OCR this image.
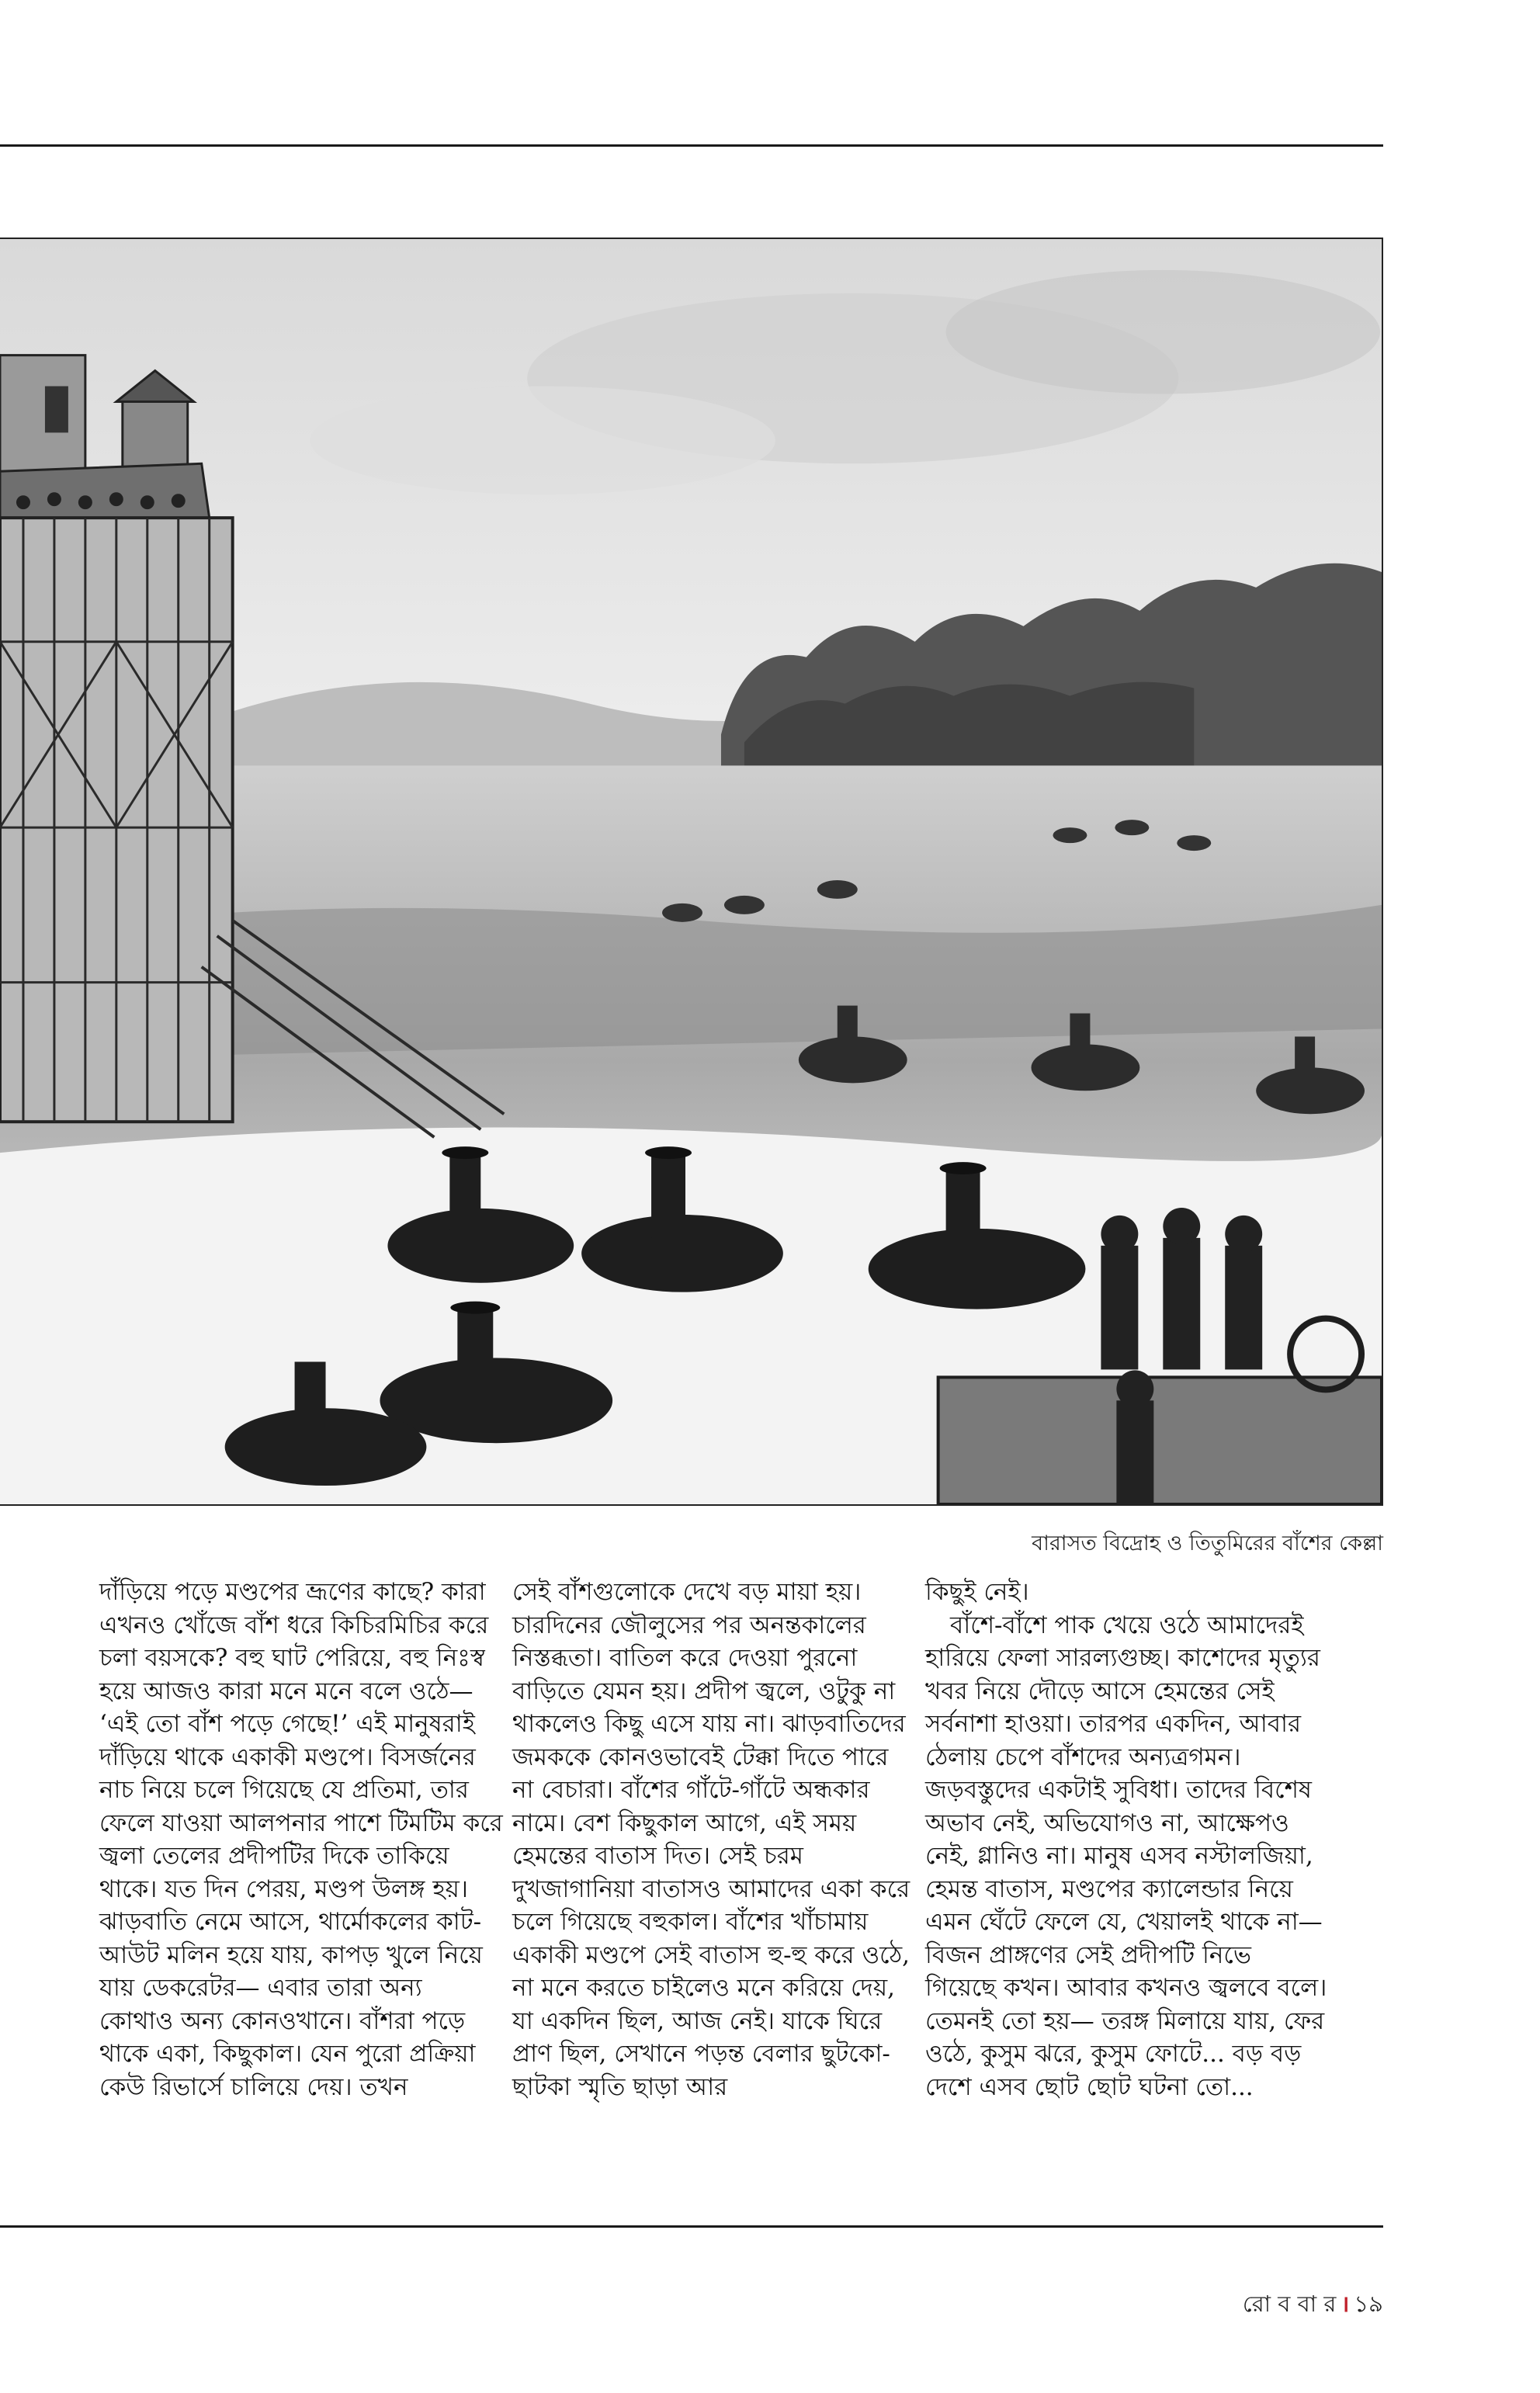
বারাসত বিদ্রোহ ও তিতুমিরের বাঁশের কেল্লা

দাঁড়িয়ে পড়ে মণ্ডপের ভ্রূণের কাছে? কারা এখনও খোঁজে বাঁশ ধরে কিচিরমিচির করে চলা বয়সকে? বহু ঘাট পেরিয়ে, বহু নিঃস্ব হয়ে আজও কারা মনে মনে বলে ওঠে— ‘এই তো বাঁশ পড়ে গেছে!’ এই মানুষরাই দাঁড়িয়ে থাকে একাকী মণ্ডপে। বিসর্জনের নাচ নিয়ে চলে গিয়েছে যে প্রতিমা, তার ফেলে যাওয়া আলপনার পাশে টিমটিম করে জ্বলা তেলের প্রদীপটির দিকে তাকিয়ে থাকে। যত দিন পেরয়, মণ্ডপ উলঙ্গ হয়। ঝাড়বাতি নেমে আসে, থার্মোকলের কাট-আউট মলিন হয়ে যায়, কাপড় খুলে নিয়ে যায় ডেকরেটর— এবার তারা অন্য কোথাও অন্য কোনওখানে। বাঁশরা পড়ে থাকে একা, কিছুকাল। যেন পুরো প্রক্রিয়া কেউ রিভার্সে চালিয়ে দেয়। তখন

সেই বাঁশগুলোকে দেখে বড় মায়া হয়। চারদিনের জৌলুসের পর অনন্তকালের নিস্তব্ধতা। বাতিল করে দেওয়া পুরনো বাড়িতে যেমন হয়। প্রদীপ জ্বলে, ওটুকু না থাকলেও কিছু এসে যায় না। ঝাড়বাতিদের জমককে কোনওভাবেই টেক্কা দিতে পারে না বেচারা। বাঁশের গাঁটে-গাঁটে অন্ধকার নামে। বেশ কিছুকাল আগে, এই সময় হেমন্তের বাতাস দিত। সেই চরম দুখজাগানিয়া বাতাসও আমাদের একা করে চলে গিয়েছে বহুকাল। বাঁশের খাঁচামায় একাকী মণ্ডপে সেই বাতাস হু-হু করে ওঠে, না মনে করতে চাইলেও মনে করিয়ে দেয়, যা একদিন ছিল, আজ নেই। যাকে ঘিরে প্রাণ ছিল, সেখানে পড়ন্ত বেলার ছুটকো-ছাটকা স্মৃতি ছাড়া আর

কিছুই নেই।

বাঁশে-বাঁশে পাক খেয়ে ওঠে আমাদেরই হারিয়ে ফেলা সারল্যগুচ্ছ। কাশেদের মৃত্যুর খবর নিয়ে দৌড়ে আসে হেমন্তের সেই সর্বনাশা হাওয়া। তারপর একদিন, আবার ঠেলায় চেপে বাঁশদের অন্যত্রগমন। জড়বস্তুদের একটাই সুবিধা। তাদের বিশেষ অভাব নেই, অভিযোগও না, আক্ষেপও নেই, গ্লানিও না। মানুষ এসব নস্টালজিয়া, হেমন্ত বাতাস, মণ্ডপের ক্যালেন্ডার নিয়ে এমন ঘেঁটে ফেলে যে, খেয়ালই থাকে না— বিজন প্রাঙ্গণের সেই প্রদীপটি নিভে গিয়েছে কখন। আবার কখনও জ্বলবে বলে। তেমনই তো হয়— তরঙ্গ মিলায়ে যায়, ফের ওঠে, কুসুম ঝরে, কুসুম ফোটে... বড় বড় দেশে এসব ছোট ছোট ঘটনা তো...

রো ব বা র । ১৯
